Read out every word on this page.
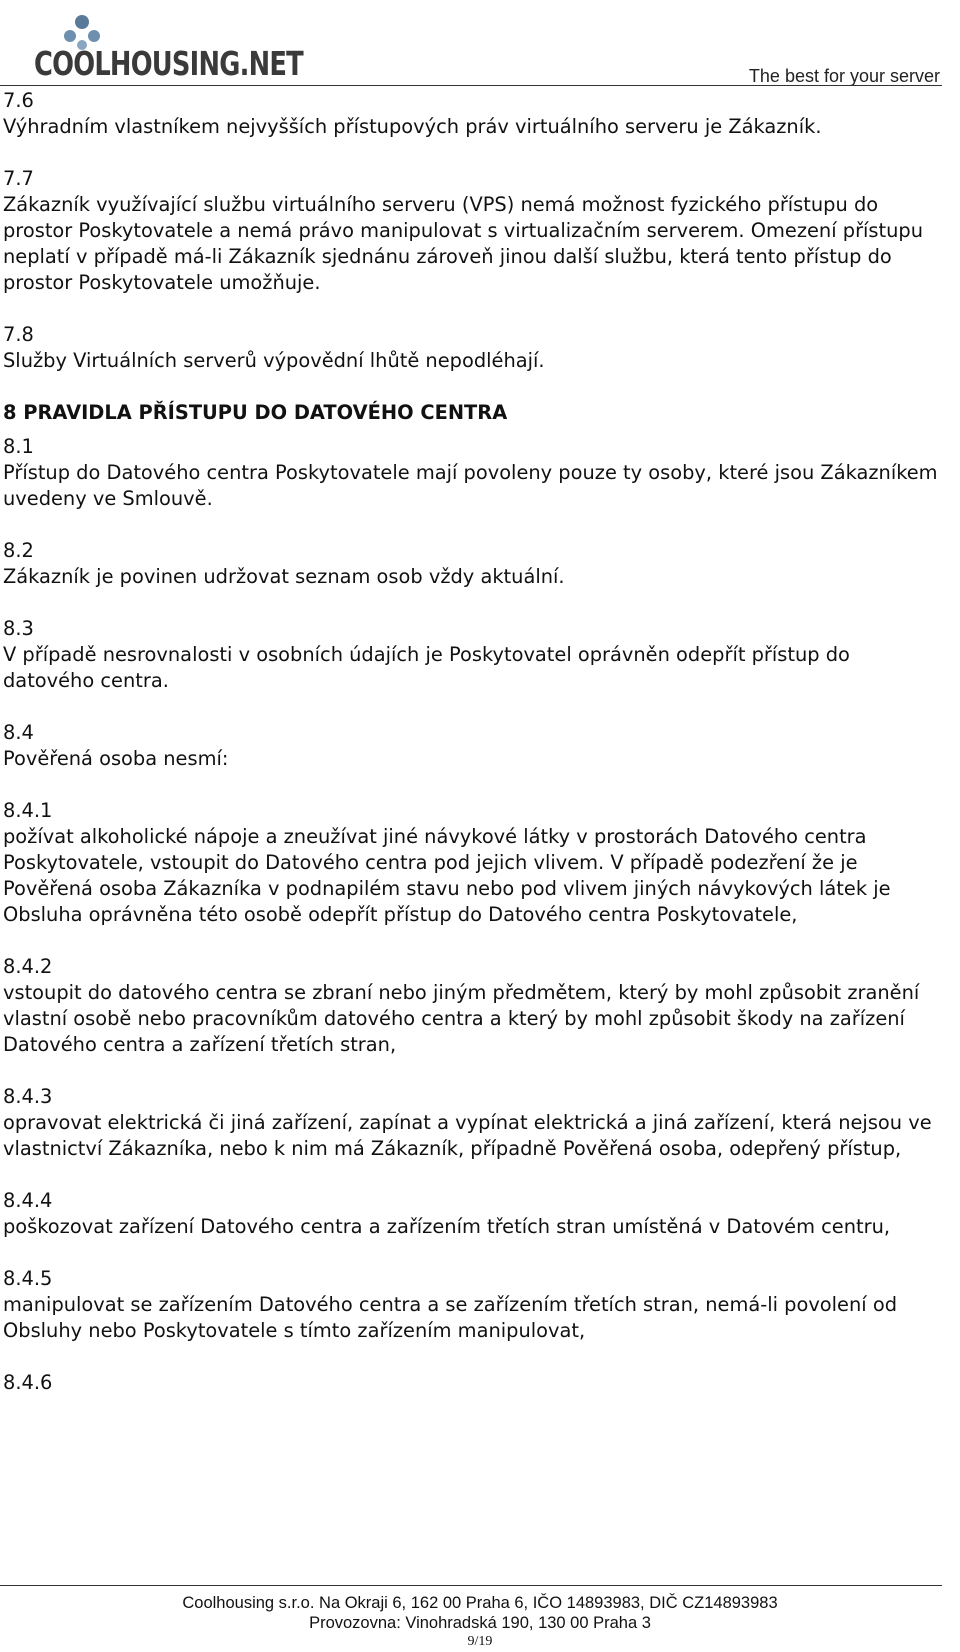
COOLHOUSING.NET	The best for your server
7.6
Výhradním vlastníkem nejvyšších přístupových práv virtuálního serveru je Zákazník.
7.7
Zákazník využívající službu virtuálního serveru (VPS) nemá možnost fyzického přístupu do prostor Poskytovatele a nemá právo manipulovat s virtualizačním serverem. Omezení přístupu neplatí v případě má-li Zákazník sjednánu zároveň jinou další službu, která tento přístup do prostor Poskytovatele umožňuje.
7.8
Služby Virtuálních serverů výpovědní lhůtě nepodléhají.
8 PRAVIDLA PŘÍSTUPU DO DATOVÉHO CENTRA
8.1
Přístup do Datového centra Poskytovatele mají povoleny pouze ty osoby, které jsou Zákazníkem uvedeny ve Smlouvě.
8.2
Zákazník je povinen udržovat seznam osob vždy aktuální.
8.3
V případě nesrovnalosti v osobních údajích je Poskytovatel oprávněn odepřít přístup do datového centra.
8.4
Pověřená osoba nesmí:
8.4.1
požívat alkoholické nápoje a zneužívat jiné návykové látky v prostorách Datového centra Poskytovatele, vstoupit do Datového centra pod jejich vlivem. V případě podezření že je Pověřená osoba Zákazníka v podnapilém stavu nebo pod vlivem jiných návykových látek je Obsluha oprávněna této osobě odepřít přístup do Datového centra Poskytovatele,
8.4.2
vstoupit do datového centra se zbraní nebo jiným předmětem, který by mohl způsobit zranění vlastní osobě nebo pracovníkům datového centra a který by mohl způsobit škody na zařízení Datového centra a zařízení třetích stran,
8.4.3
opravovat elektrická či jiná zařízení, zapínat a vypínat elektrická a jiná zařízení, která nejsou ve vlastnictví Zákazníka, nebo k nim má Zákazník, případně Pověřená osoba, odepřený přístup,
8.4.4
poškozovat zařízení Datového centra a zařízením třetích stran umístěná v Datovém centru,
8.4.5
manipulovat se zařízením Datového centra a se zařízením třetích stran, nemá-li povolení od Obsluhy nebo Poskytovatele s tímto zařízením manipulovat,
8.4.6
Coolhousing s.r.o. Na Okraji 6, 162 00 Praha 6, IČO 14893983, DIČ CZ14893983
Provozovna: Vinohradská 190, 130 00 Praha 3
9/19
